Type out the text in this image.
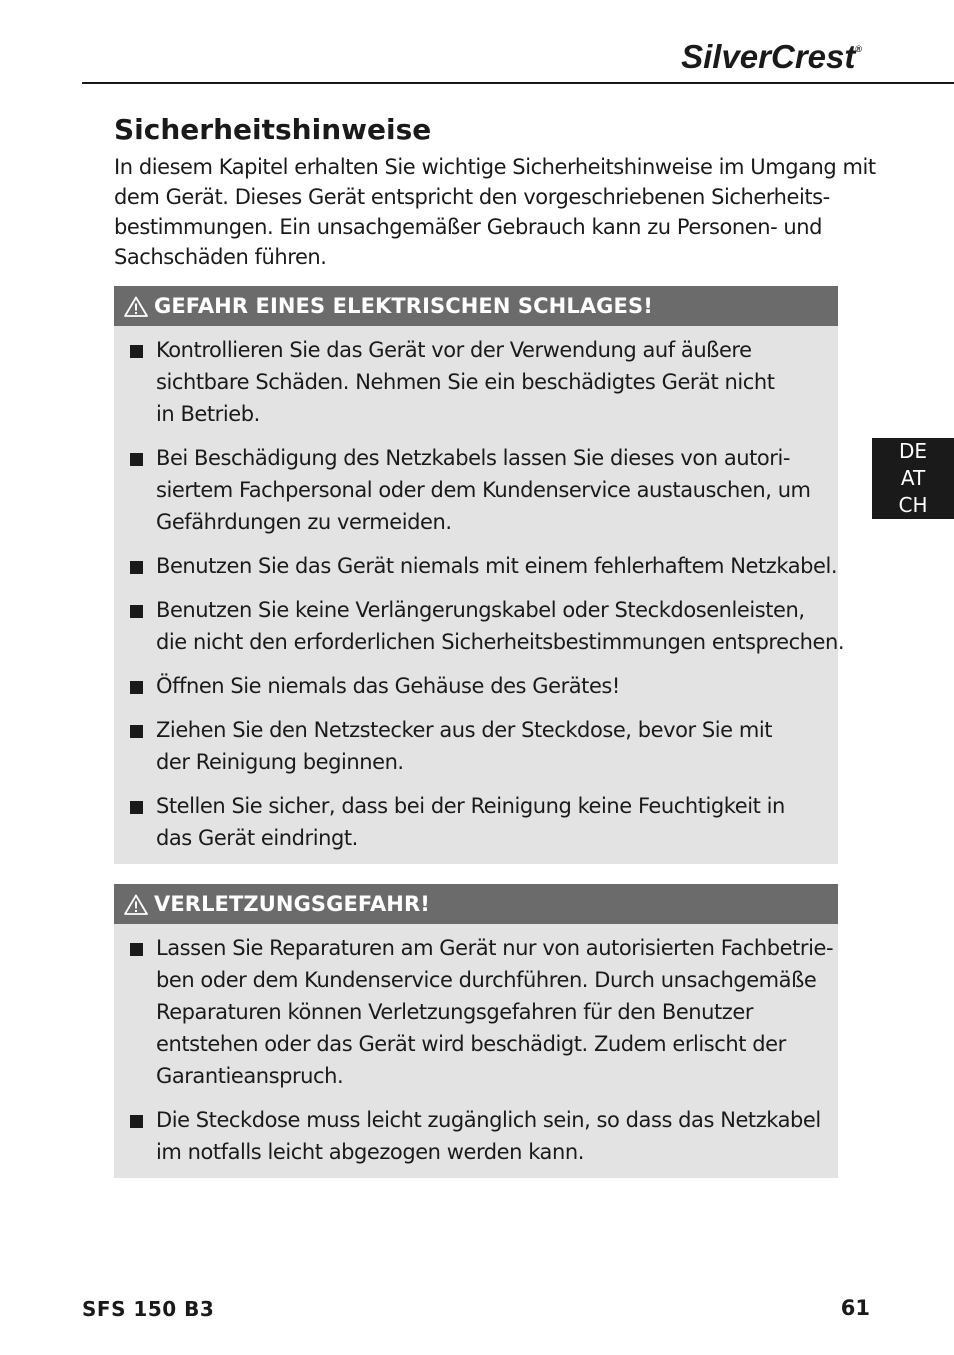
SilverCrest®
Sicherheitshinweise

In diesem Kapitel erhalten Sie wichtige Sicherheitshinweise im Umgang mit
dem Gerät. Dieses Gerät entspricht den vorgeschriebenen Sicherheits-
bestimmungen. Ein unsachgemäßer Gebrauch kann zu Personen- und
Sachschäden führen.

GEFAHR EINES ELEKTRISCHEN SCHLAGES!
Kontrollieren Sie das Gerät vor der Verwendung auf äußere
sichtbare Schäden. Nehmen Sie ein beschädigtes Gerät nicht
in Betrieb.
Bei Beschädigung des Netzkabels lassen Sie dieses von autori-
siertem Fachpersonal oder dem Kundenservice austauschen, um
Gefährdungen zu vermeiden.
Benutzen Sie das Gerät niemals mit einem fehlerhaftem Netzkabel.
Benutzen Sie keine Verlängerungskabel oder Steckdosenleisten,
die nicht den erforderlichen Sicherheitsbestimmungen entsprechen.
Öffnen Sie niemals das Gehäuse des Gerätes!
Ziehen Sie den Netzstecker aus der Steckdose, bevor Sie mit
der Reinigung beginnen.
Stellen Sie sicher, dass bei der Reinigung keine Feuchtigkeit in
das Gerät eindringt.
VERLETZUNGSGEFAHR!
Lassen Sie Reparaturen am Gerät nur von autorisierten Fachbetrie-
ben oder dem Kundenservice durchführen. Durch unsachgemäße
Reparaturen können Verletzungsgefahren für den Benutzer
entstehen oder das Gerät wird beschädigt. Zudem erlischt der
Garantieanspruch.
Die Steckdose muss leicht zugänglich sein, so dass das Netzkabel
im notfalls leicht abgezogen werden kann.
DE
AT
CH
SFS 150 B3	61
